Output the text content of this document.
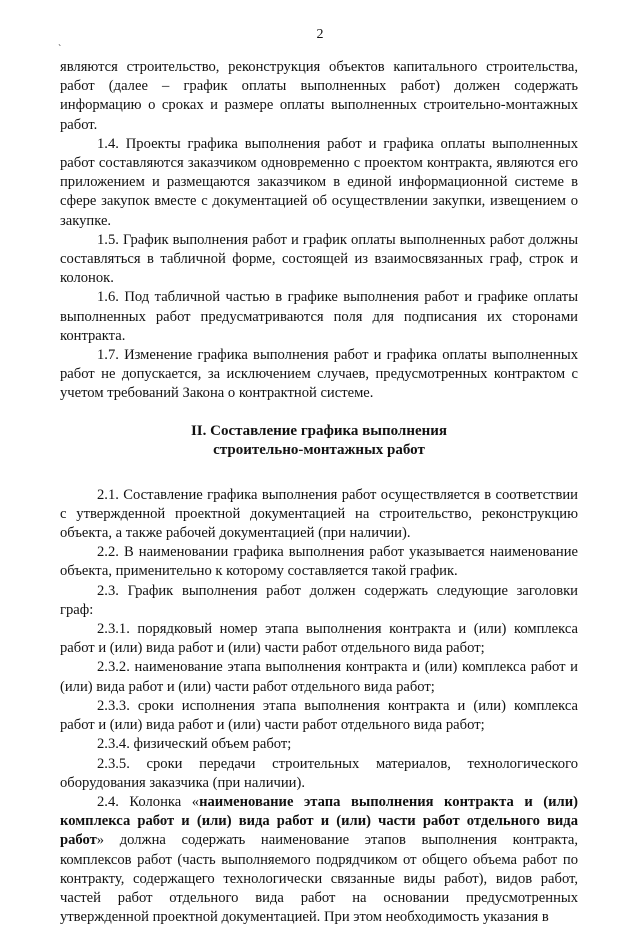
2
`

являются строительство, реконструкция объектов капитального строительства, работ (далее – график оплаты выполненных работ) должен содержать информацию о сроках и размере оплаты выполненных строительно-монтажных работ.

1.4. Проекты графика выполнения работ и графика оплаты выполненных работ составляются заказчиком одновременно с проектом контракта, являются его приложением и размещаются заказчиком в единой информационной системе в сфере закупок вместе с документацией об осуществлении закупки, извещением о закупке.

1.5. График выполнения работ и график оплаты выполненных работ должны составляться в табличной форме, состоящей из взаимосвязанных граф, строк и колонок.

1.6. Под табличной частью в графике выполнения работ и графике оплаты выполненных работ предусматриваются поля для подписания их сторонами контракта.

1.7. Изменение графика выполнения работ и графика оплаты выполненных работ не допускается, за исключением случаев, предусмотренных контрактом с учетом требований Закона о контрактной системе.

II. Составление графика выполнения
строительно-монтажных работ

2.1. Составление графика выполнения работ осуществляется в соответствии с утвержденной проектной документацией на строительство, реконструкцию объекта, а также рабочей документацией (при наличии).

2.2. В наименовании графика выполнения работ указывается наименование объекта, применительно к которому составляется такой график.

2.3. График выполнения работ должен содержать следующие заголовки граф:

2.3.1. порядковый номер этапа выполнения контракта и (или) комплекса работ и (или) вида работ и (или) части работ отдельного вида работ;

2.3.2. наименование этапа выполнения контракта и (или) комплекса работ и (или) вида работ и (или) части работ отдельного вида работ;

2.3.3. сроки исполнения этапа выполнения контракта и (или) комплекса работ и (или) вида работ и (или) части работ отдельного вида работ;

2.3.4. физический объем работ;

2.3.5. сроки передачи строительных материалов, технологического оборудования заказчика (при наличии).

2.4. Колонка «наименование этапа выполнения контракта и (или) комплекса работ и (или) вида работ и (или) части работ отдельного вида работ» должна содержать наименование этапов выполнения контракта, комплексов работ (часть выполняемого подрядчиком от общего объема работ по контракту, содержащего технологически связанные виды работ), видов работ, частей работ отдельного вида работ на основании предусмотренных утвержденной проектной документацией. При этом необходимость указания в
